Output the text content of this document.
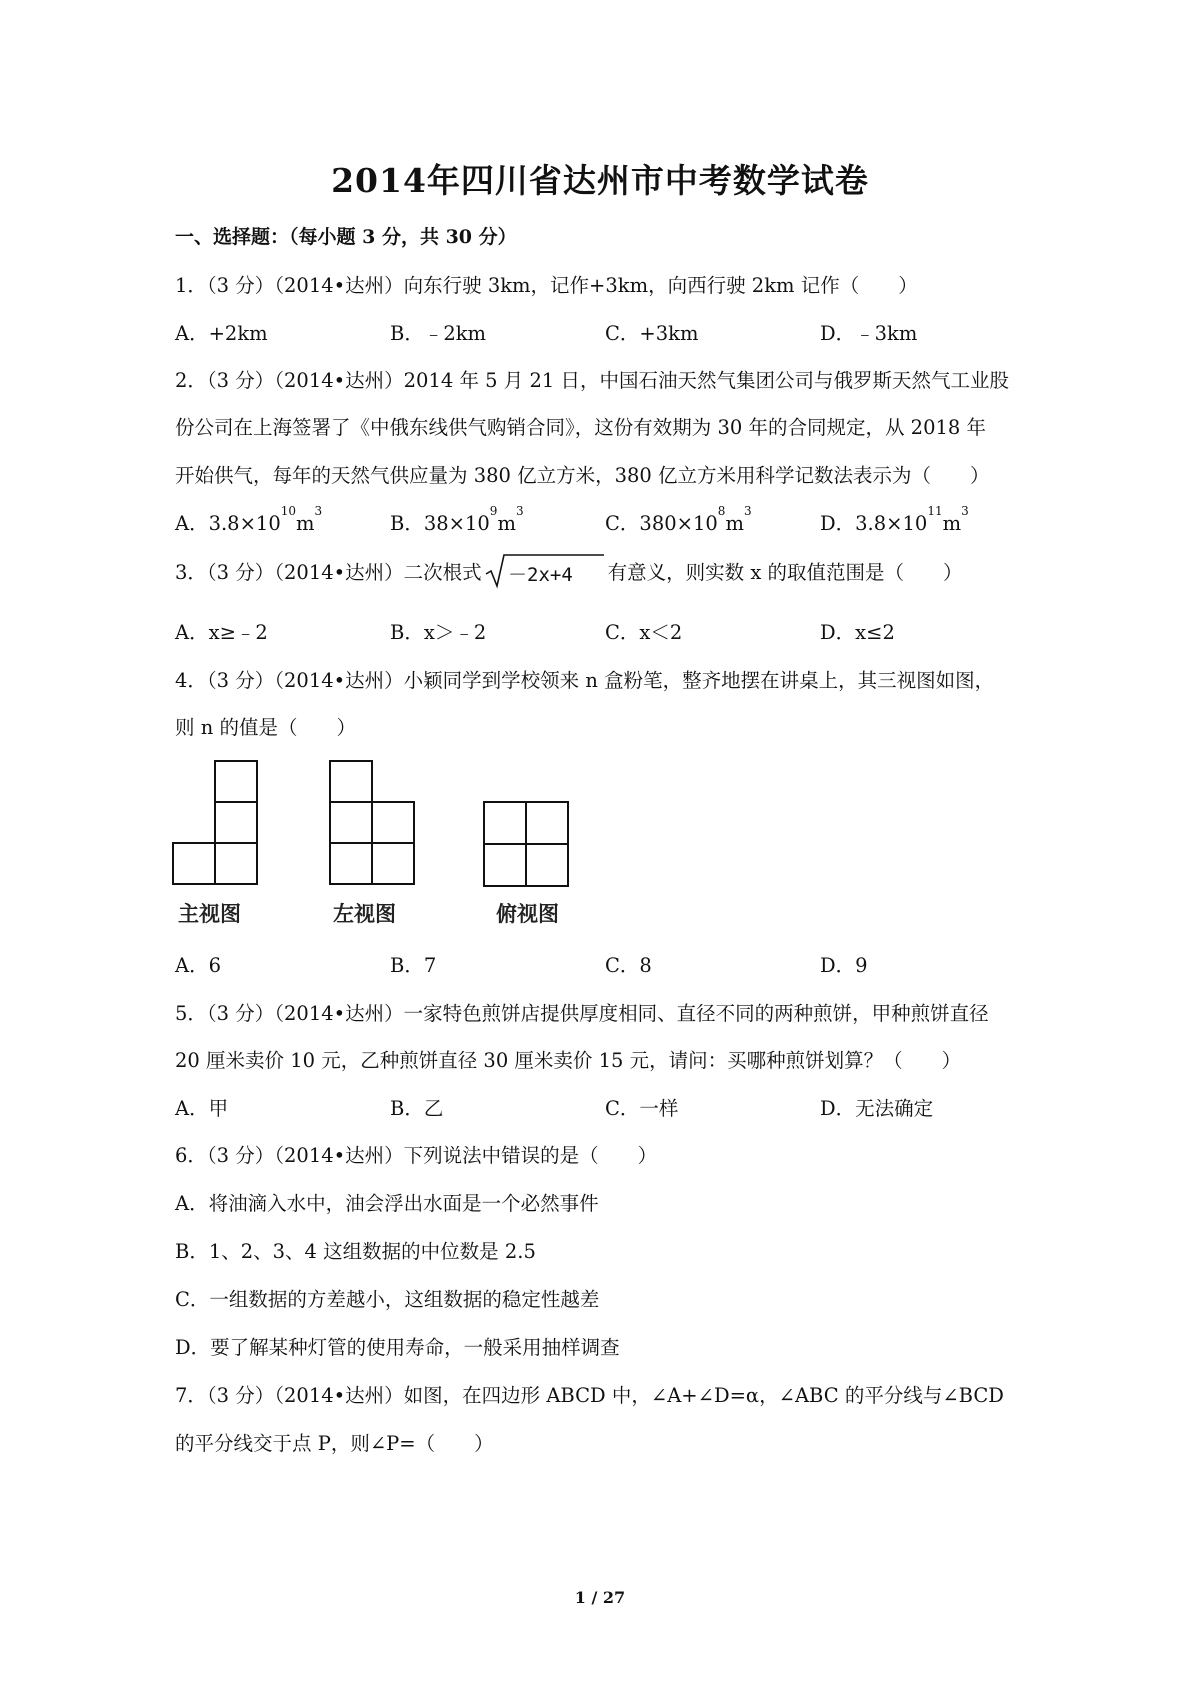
2014年四川省达州市中考数学试卷
一、选择题：（每小题 3 分，共 30 分）
1．（3 分）（2014•达州）向东行驶 3km，记作+3km，向西行驶 2km 记作（　　）
A．+2km	B．﹣2km	C．+3km	D．﹣3km
2．（3 分）（2014•达州）2014 年 5 月 21 日，中国石油天然气集团公司与俄罗斯天然气工业股
份公司在上海签署了《中俄东线供气购销合同》，这份有效期为 30 年的合同规定，从 2018 年
开始供气，每年的天然气供应量为 380 亿立方米，380 亿立方米用科学记数法表示为（　　）
A．$3.8\times 10^{10}m^3$
B．$38\times 10^9m^3$
C．$380\times 10^8m^3$
D．$3.8\times 10^{11}m^3$
3．（3 分）（2014•达州）二次根式 －2x+4 有意义，则实数 x 的取值范围是（　　）
A．x≥﹣2	B．x＞﹣2	C．x＜2	D．x≤2
4．（3 分）（2014•达州）小颖同学到学校领来 n 盒粉笔，整齐地摆在讲桌上，其三视图如图，
则 n 的值是（　　）
主视图	左视图	俯视图
A．6	B．7	C．8	D．9
5．（3 分）（2014•达州）一家特色煎饼店提供厚度相同、直径不同的两种煎饼，甲种煎饼直径
20 厘米卖价 10 元，乙种煎饼直径 30 厘米卖价 15 元，请问：买哪种煎饼划算？（　　）
A．甲	B．乙	C．一样	D．无法确定
6．（3 分）（2014•达州）下列说法中错误的是（　　）
A．将油滴入水中，油会浮出水面是一个必然事件
B．1、2、3、4 这组数据的中位数是 2.5
C．一组数据的方差越小，这组数据的稳定性越差
D．要了解某种灯管的使用寿命，一般采用抽样调查
7．（3 分）（2014•达州）如图，在四边形 ABCD 中，∠A+∠D=α，∠ABC 的平分线与∠BCD
的平分线交于点 P，则∠P=（　　）
1 / 27
